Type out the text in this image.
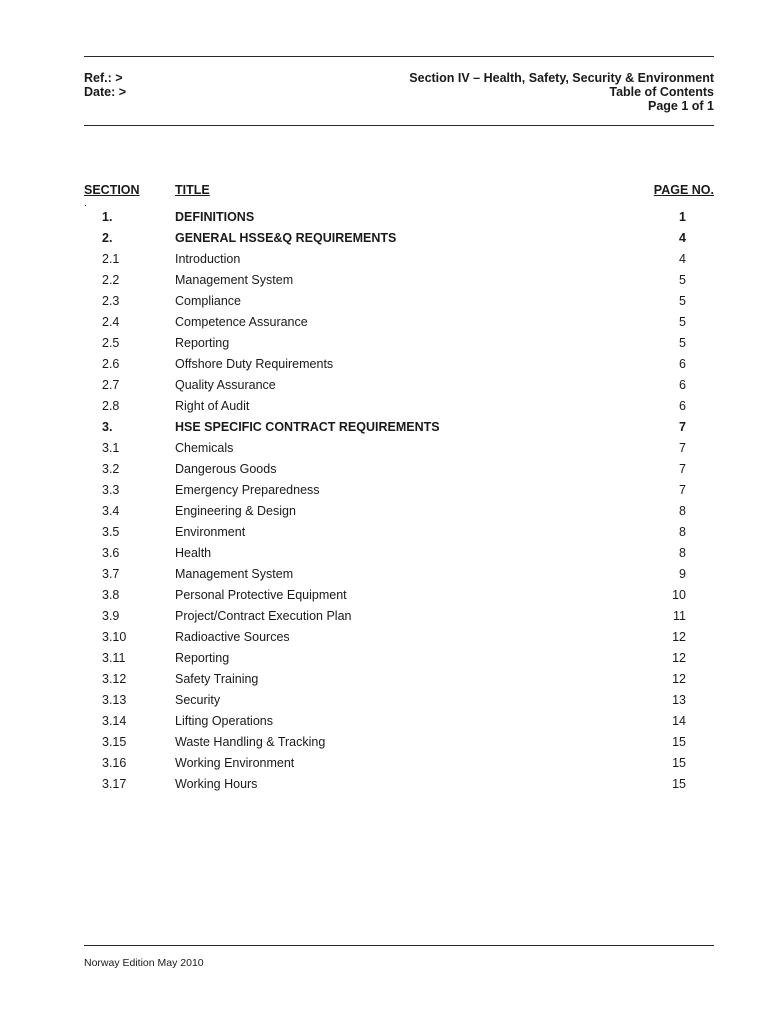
Ref.: >
Date: >
Section IV – Health, Safety, Security & Environment
Table of Contents
Page 1 of 1
SECTION	TITLE	PAGE NO.
.
1.	DEFINITIONS	1
2.	GENERAL HSSE&Q REQUIREMENTS	4
2.1	Introduction	4
2.2	Management System	5
2.3	Compliance	5
2.4	Competence Assurance	5
2.5	Reporting	5
2.6	Offshore Duty Requirements	6
2.7	Quality Assurance	6
2.8	Right of Audit	6
3.	HSE SPECIFIC CONTRACT REQUIREMENTS	7
3.1	Chemicals	7
3.2	Dangerous Goods	7
3.3	Emergency Preparedness	7
3.4	Engineering & Design	8
3.5	Environment	8
3.6	Health	8
3.7	Management System	9
3.8	Personal Protective Equipment	10
3.9	Project/Contract Execution Plan	11
3.10	Radioactive Sources	12
3.11	Reporting	12
3.12	Safety Training	12
3.13	Security	13
3.14	Lifting Operations	14
3.15	Waste Handling & Tracking	15
3.16	Working Environment	15
3.17	Working Hours	15
Norway Edition May 2010
